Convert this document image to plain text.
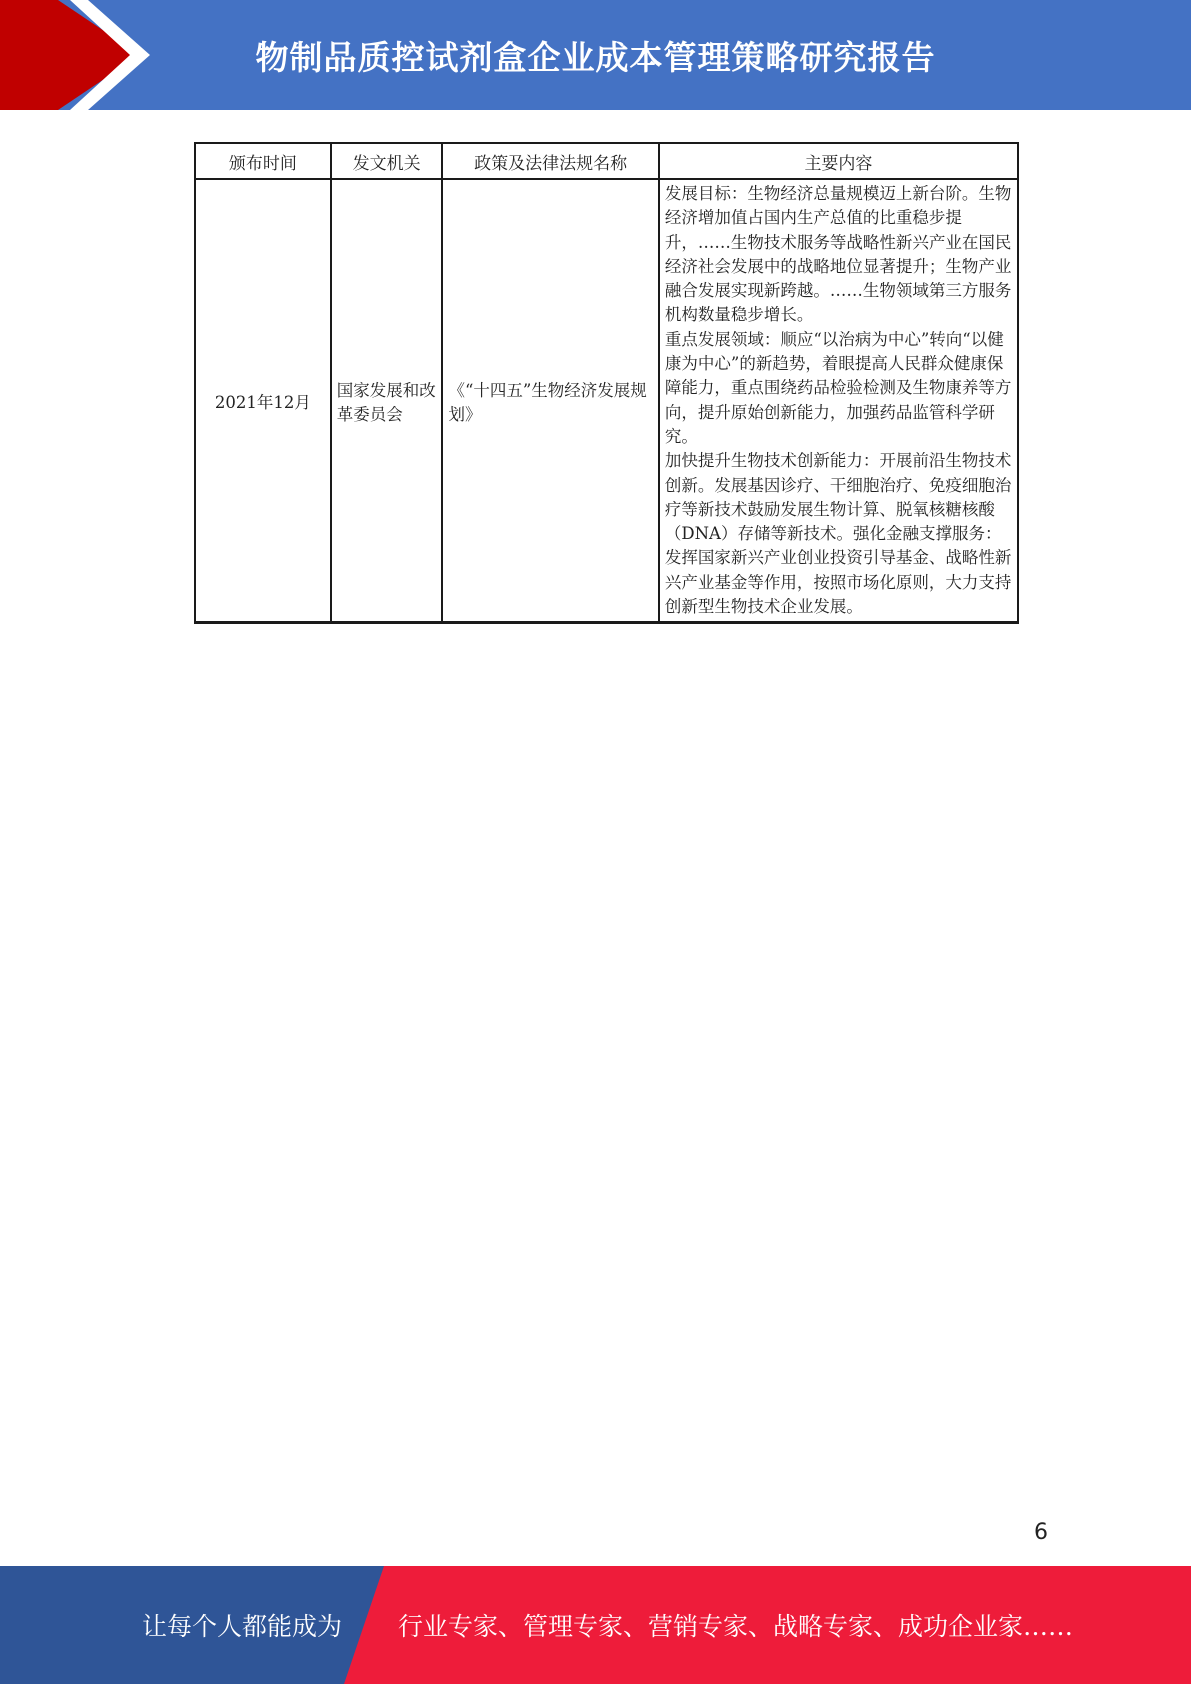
物制品质控试剂盒企业成本管理策略研究报告
颁布时间	发文机关	政策及法律法规名称	主要内容
2021年12月	国家发展和改革委员会	《“十四五”生物经济发展规划》	发展目标：生物经济总量规模迈上新台阶。生物经济增加值占国内生产总值的比重稳步提升，……生物技术服务等战略性新兴产业在国民经济社会发展中的战略地位显著提升；生物产业融合发展实现新跨越。……生物领域第三方服务机构数量稳步增长。

重点发展领域：顺应“以治病为中心”转向“以健康为中心”的新趋势，着眼提高人民群众健康保障能力，重点围绕药品检验检测及生物康养等方向，提升原始创新能力，加强药品监管科学研究。

加快提升生物技术创新能力：开展前沿生物技术创新。发展基因诊疗、干细胞治疗、免疫细胞治疗等新技术鼓励发展生物计算、脱氧核糖核酸（DNA）存储等新技术。强化金融支撑服务：发挥国家新兴产业创业投资引导基金、战略性新兴产业基金等作用，按照市场化原则，大力支持创新型生物技术企业发展。

6
让每个人都能成为 行业专家、管理专家、营销专家、战略专家、成功企业家……
